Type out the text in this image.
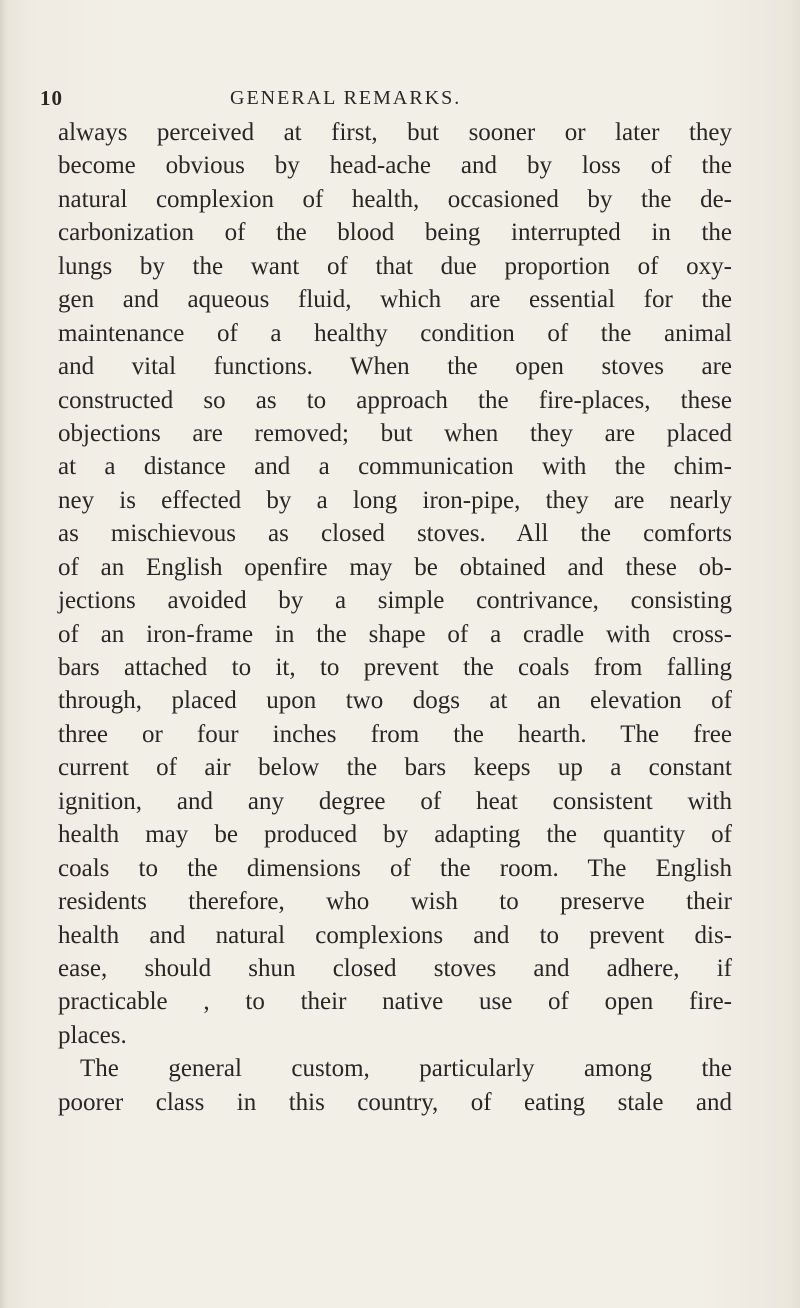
10	GENERAL REMARKS.
always perceived at first, but sooner or later they
become obvious by head-ache and by loss of the
natural complexion of health, occasioned by the de-
carbonization of the blood being interrupted in the
lungs by the want of that due proportion of oxy-
gen and aqueous fluid, which are essential for the
maintenance of a healthy condition of the animal
and vital functions. When the open stoves are
constructed so as to approach the fire-places, these
objections are removed; but when they are placed
at a distance and a communication with the chim-
ney is effected by a long iron-pipe, they are nearly
as mischievous as closed stoves. All the comforts
of an English openfire may be obtained and these ob-
jections avoided by a simple contrivance, consisting
of an iron-frame in the shape of a cradle with cross-
bars attached to it, to prevent the coals from falling
through, placed upon two dogs at an elevation of
three or four inches from the hearth. The free
current of air below the bars keeps up a constant
ignition, and any degree of heat consistent with
health may be produced by adapting the quantity of
coals to the dimensions of the room. The English
residents therefore, who wish to preserve their
health and natural complexions and to prevent dis-
ease, should shun closed stoves and adhere, if
practicable , to their native use of open fire-
places.
The general custom, particularly among the
poorer class in this country, of eating stale and
